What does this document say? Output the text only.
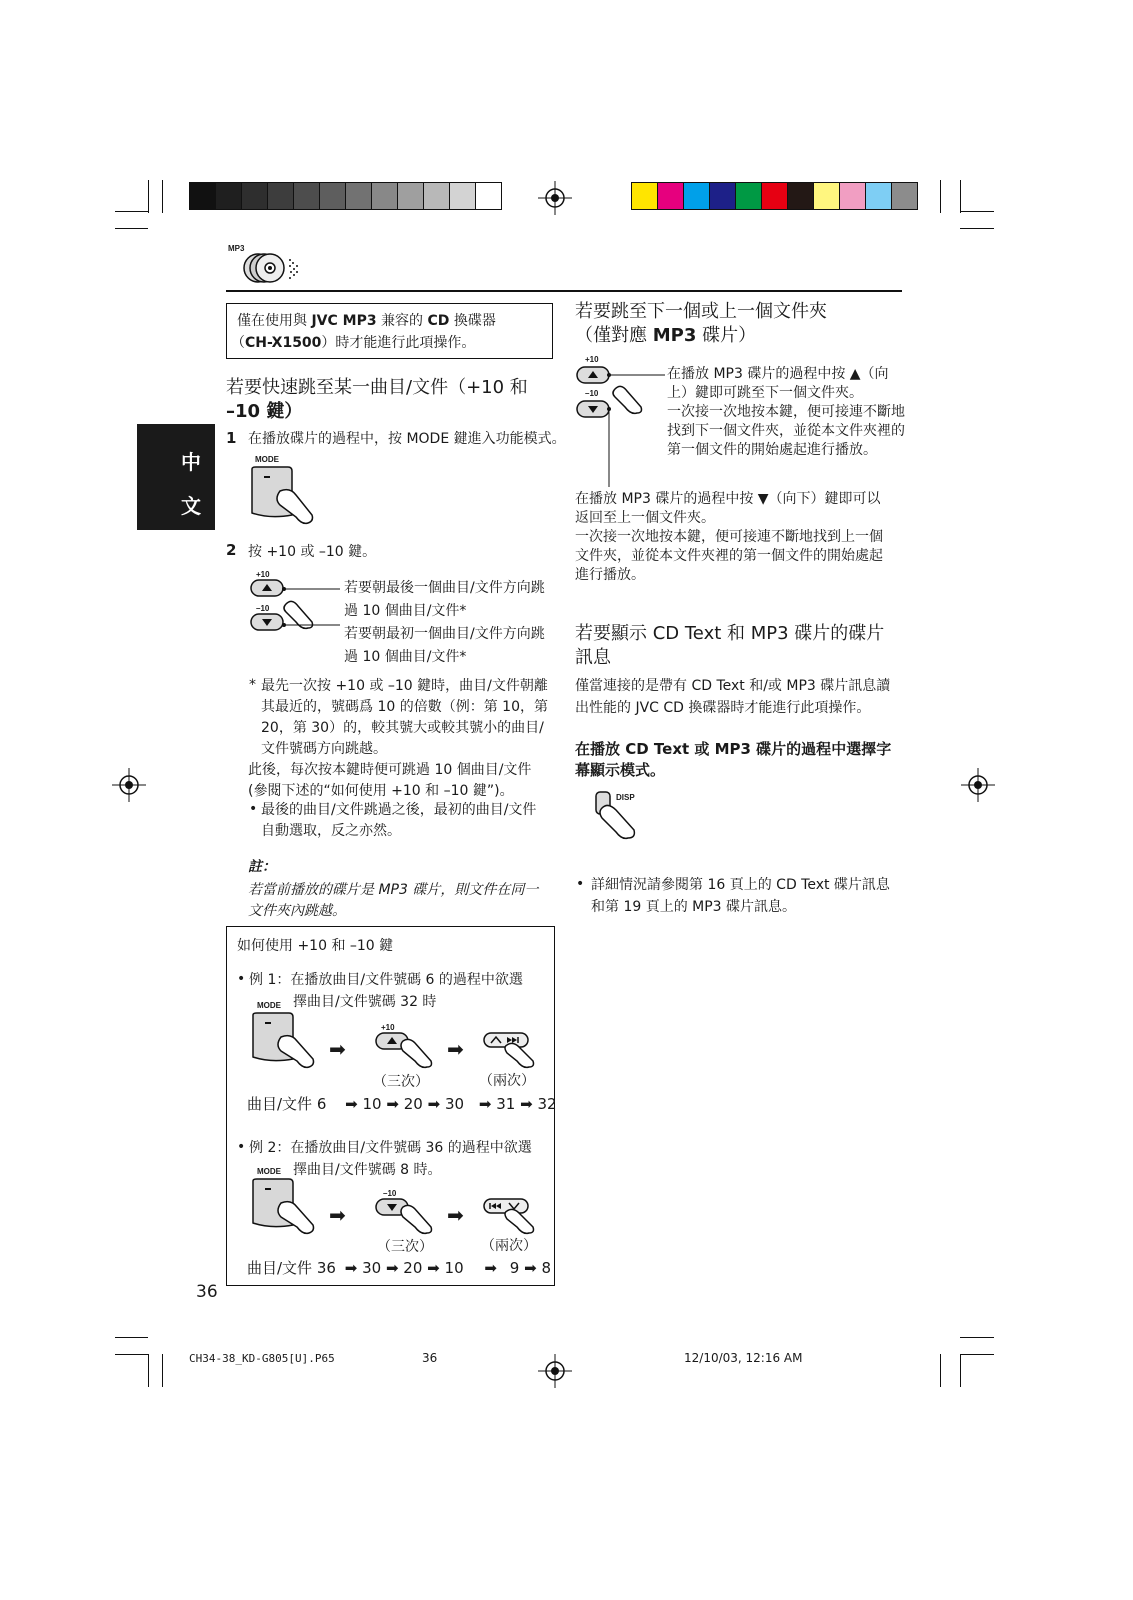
MP3
中
文
僅在使用與 JVC MP3 兼容的 CD 換碟器
（CH-X1500）時才能進行此項操作。
若要快速跳至某一曲目/文件（+10 和
–10 鍵）
1 在播放碟片的過程中，按 MODE 鍵進入功能模式。
MODE
2 按 +10 或 –10 鍵。
+10
–10
若要朝最後一個曲目/文件方向跳
過 10 個曲目/文件*
若要朝最初一個曲目/文件方向跳
過 10 個曲目/文件*
* 最先一次按 +10 或 –10 鍵時，曲目/文件朝離
其最近的，號碼爲 10 的倍數（例：第 10，第
20，第 30）的，較其號大或較其號小的曲目/
文件號碼方向跳越。
此後，每次按本鍵時便可跳過 10 個曲目/文件
(參閱下述的“如何使用 +10 和 –10 鍵”)。
• 最後的曲目/文件跳過之後，最初的曲目/文件
自動選取，反之亦然。
註：
若當前播放的碟片是 MP3 碟片，則文件在同一
文件夾內跳越。
如何使用 +10 和 –10 鍵
• 例 1：在播放曲目/文件號碼 6 的過程中欲選
擇曲目/文件號碼 32 時
MODE
➡
+10
➡
（三次）	（兩次）
曲目/文件 6 ➡ 10 ➡ 20 ➡ 30 ➡ 31 ➡ 32
• 例 2：在播放曲目/文件號碼 36 的過程中欲選
擇曲目/文件號碼 8 時。
MODE
➡
–10
➡
（三次）	（兩次）
曲目/文件 36 ➡ 30 ➡ 20 ➡ 10 ➡ 9 ➡ 8
36
若要跳至下一個或上一個文件夾
（僅對應 MP3 碟片）
+10
–10
在播放 MP3 碟片的過程中按 ▲（向
上）鍵即可跳至下一個文件夾。
一次接一次地按本鍵，便可接連不斷地
找到下一個文件夾，並從本文件夾裡的
第一個文件的開始處起進行播放。
在播放 MP3 碟片的過程中按 ▼（向下）鍵即可以
返回至上一個文件夾。
一次接一次地按本鍵，便可接連不斷地找到上一個
文件夾，並從本文件夾裡的第一個文件的開始處起
進行播放。
若要顯示 CD Text 和 MP3 碟片的碟片
訊息
僅當連接的是帶有 CD Text 和/或 MP3 碟片訊息讀
出性能的 JVC CD 換碟器時才能進行此項操作。
在播放 CD Text 或 MP3 碟片的過程中選擇字
幕顯示模式。
DISP
• 詳細情況請參閱第 16 頁上的 CD Text 碟片訊息
和第 19 頁上的 MP3 碟片訊息。
CH34-38_KD-G805[U].P65	36	12/10/03, 12:16 AM
